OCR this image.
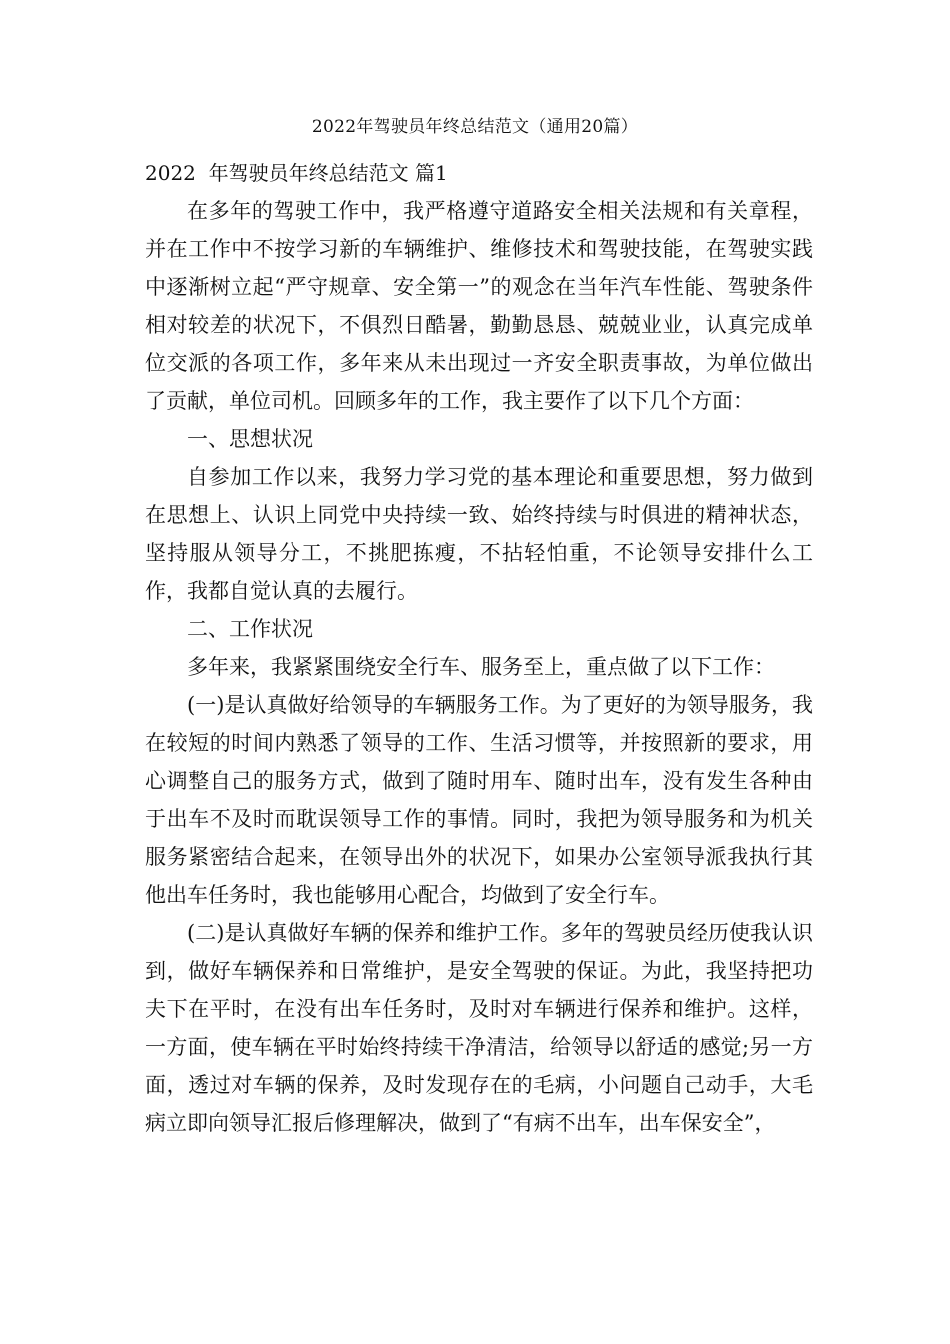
2022年驾驶员年终总结范文（通用20篇）
2022  年驾驶员年终总结范文 篇1

在多年的驾驶工作中，我严格遵守道路安全相关法规和有关章程，并在工作中不按学习新的车辆维护、维修技术和驾驶技能，在驾驶实践中逐渐树立起“严守规章、安全第一”的观念在当年汽车性能、驾驶条件相对较差的状况下，不俱烈日酷暑，勤勤恳恳、兢兢业业，认真完成单位交派的各项工作，多年来从未出现过一齐安全职责事故，为单位做出了贡献，单位司机。回顾多年的工作，我主要作了以下几个方面：

一、思想状况

自参加工作以来，我努力学习党的基本理论和重要思想，努力做到在思想上、认识上同党中央持续一致、始终持续与时俱进的精神状态，坚持服从领导分工，不挑肥拣瘦，不拈轻怕重，不论领导安排什么工作，我都自觉认真的去履行。

二、工作状况

多年来，我紧紧围绕安全行车、服务至上，重点做了以下工作：

(一)是认真做好给领导的车辆服务工作。为了更好的为领导服务，我在较短的时间内熟悉了领导的工作、生活习惯等，并按照新的要求，用心调整自己的服务方式，做到了随时用车、随时出车，没有发生各种由于出车不及时而耽误领导工作的事情。同时，我把为领导服务和为机关服务紧密结合起来，在领导出外的状况下，如果办公室领导派我执行其他出车任务时，我也能够用心配合，均做到了安全行车。

(二)是认真做好车辆的保养和维护工作。多年的驾驶员经历使我认识到，做好车辆保养和日常维护，是安全驾驶的保证。为此，我坚持把功夫下在平时，在没有出车任务时，及时对车辆进行保养和维护。这样，一方面，使车辆在平时始终持续干净清洁，给领导以舒适的感觉;另一方面，透过对车辆的保养，及时发现存在的毛病，小问题自己动手，大毛病立即向领导汇报后修理解决，做到了“有病不出车，出车保安全”，
